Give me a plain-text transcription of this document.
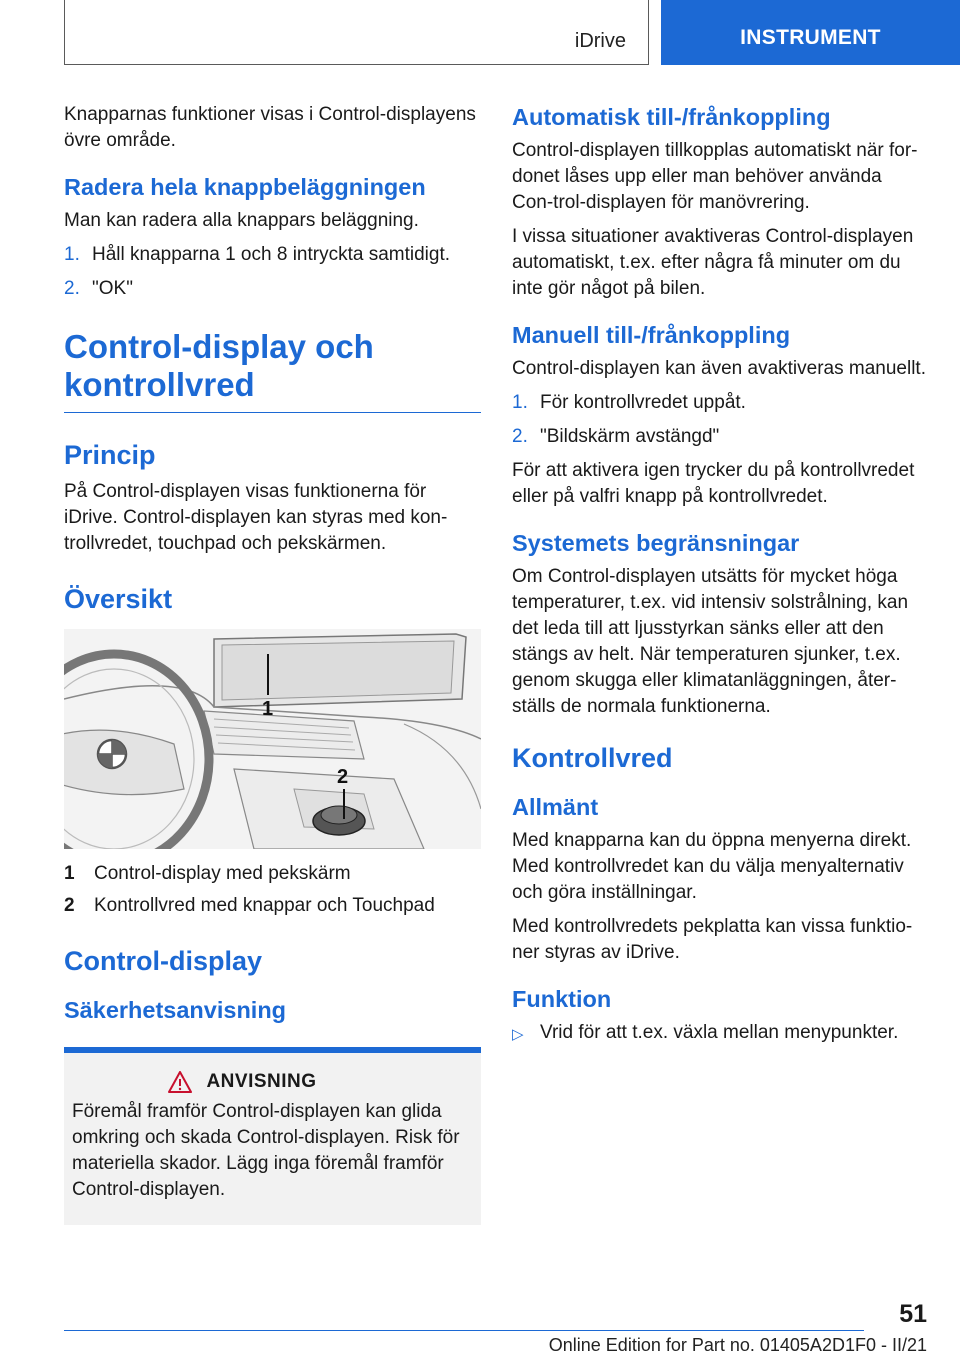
iDrive	INSTRUMENT

Knapparnas funktioner visas i Control-displayens övre område.

Radera hela knappbeläggningen

Man kan radera alla knappars beläggning.

1. Håll knapparna 1 och 8 intryckta samtidigt.
2. "OK"
Control-display och kontrollvred
Princip

På Control-displayen visas funktionerna för iDrive. Control-displayen kan styras med kon-trollvredet, touchpad och pekskärmen.

Översikt
1
2
1	Control-display med pekskärm
2	Kontrollvred med knappar och Touchpad
Control-display
Säkerhetsanvisning
ANVISNING

Föremål framför Control-displayen kan glida omkring och skada Control-displayen. Risk för materiella skador. Lägg inga föremål framför Control-displayen.

Automatisk till-/frånkoppling

Control-displayen tillkopplas automatiskt när for-donet låses upp eller man behöver använda Con-trol-displayen för manövrering.

I vissa situationer avaktiveras Control-displayen automatiskt, t.ex. efter några få minuter om du inte gör något på bilen.

Manuell till-/frånkoppling

Control-displayen kan även avaktiveras manuellt.

1. För kontrollvredet uppåt.
2. "Bildskärm avstängd"

För att aktivera igen trycker du på kontrollvredet eller på valfri knapp på kontrollvredet.

Systemets begränsningar

Om Control-displayen utsätts för mycket höga temperaturer, t.ex. vid intensiv solstrålning, kan det leda till att ljusstyrkan sänks eller att den stängs av helt. När temperaturen sjunker, t.ex. genom skugga eller klimatanläggningen, åter-ställs de normala funktionerna.

Kontrollvred
Allmänt

Med knapparna kan du öppna menyerna direkt. Med kontrollvredet kan du välja menyalternativ och göra inställningar.

Med kontrollvredets pekplatta kan vissa funktio-ner styras av iDrive.

Funktion
▷ Vrid för att t.ex. växla mellan menypunkter.
51
Online Edition for Part no. 01405A2D1F0 - II/21
